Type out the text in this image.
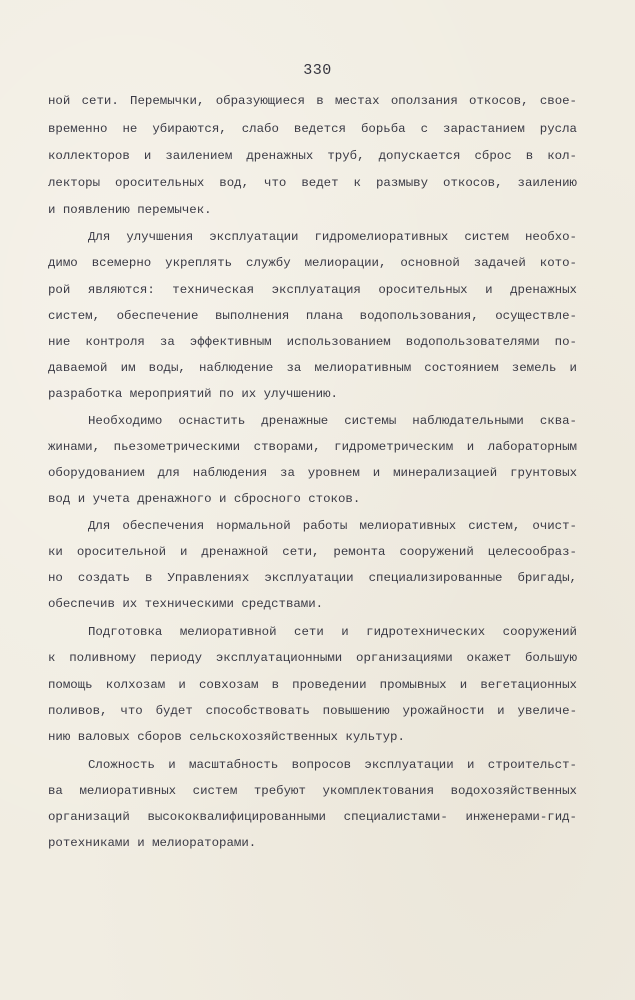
330
ной сети. Перемычки, образующиеся в местах оползания откосов, свое-
временно не убираются, слабо ведется борьба с зарастанием русла
коллекторов и заилением дренажных труб, допускается сброс в кол-
лекторы оросительных вод, что ведет к размыву откосов, заилению
и появлению перемычек.
Для улучшения эксплуатации гидромелиоративных систем необхо-
димо всемерно укреплять службу мелиорации, основной задачей кото-
рой являются: техническая эксплуатация оросительных и дренажных
систем, обеспечение выполнения плана водопользования, осуществле-
ние контроля за эффективным использованием водопользователями по-
даваемой им воды, наблюдение за мелиоративным состоянием земель и
разработка мероприятий по их улучшению.
Необходимо оснастить дренажные системы наблюдательными сква-
жинами, пьезометрическими створами, гидрометрическим и лабораторным
оборудованием для наблюдения за уровнем и минерализацией грунтовых
вод и учета дренажного и сбросного стоков.
Для обеспечения нормальной работы мелиоративных систем, очист-
ки оросительной и дренажной сети, ремонта сооружений целесообраз-
но создать в Управлениях эксплуатации специализированные бригады,
обеспечив их техническими средствами.
Подготовка мелиоративной сети и гидротехнических сооружений
к поливному периоду эксплуатационными организациями окажет большую
помощь колхозам и совхозам в проведении промывных и вегетационных
поливов, что будет способствовать повышению урожайности и увеличе-
нию валовых сборов сельскохозяйственных культур.
Сложность и масштабность вопросов эксплуатации и строительст-
ва мелиоративных систем требуют укомплектования водохозяйственных
организаций высококвалифицированными специалистами- инженерами-гид-
ротехниками и мелиораторами.
